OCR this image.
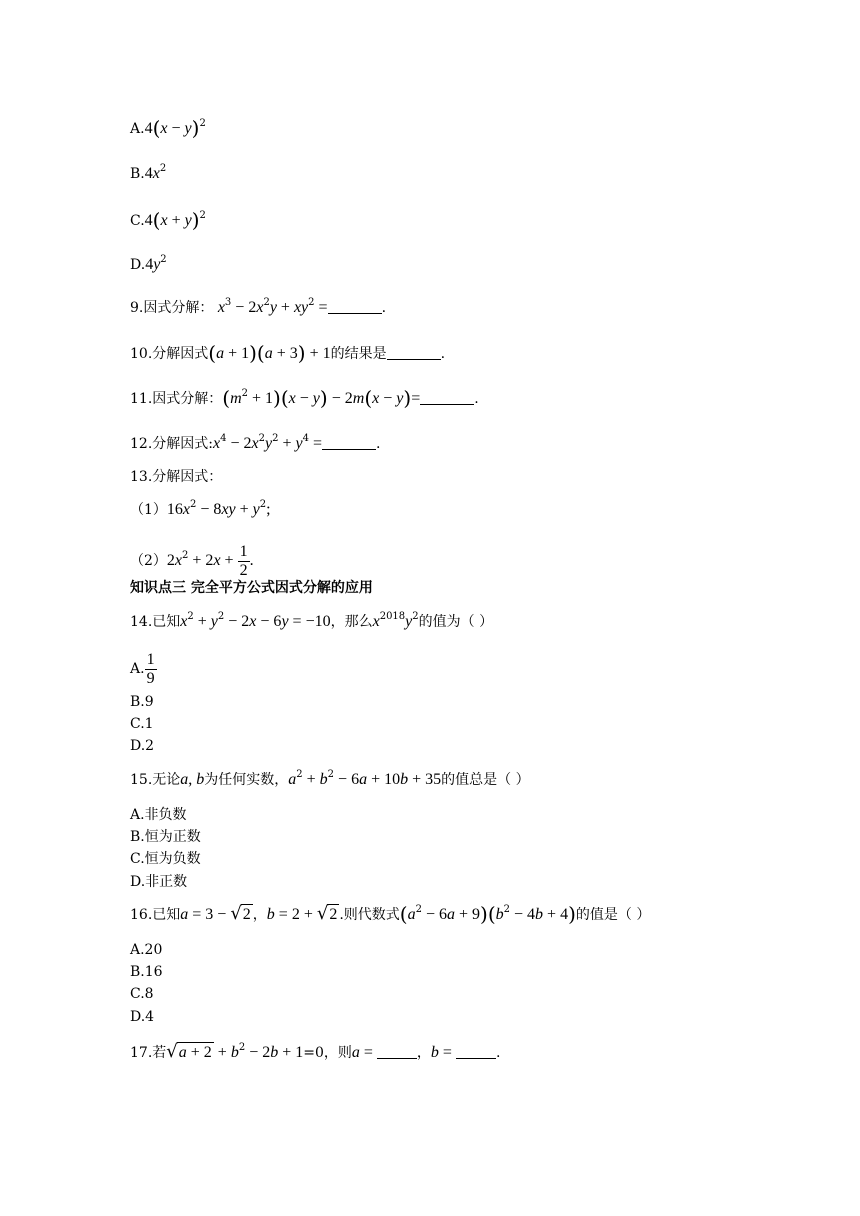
$A.4(x - y)^2$
$B.4x^2$
$C.4(x + y)^2$
$D.4y^2$
9.因式分解： $x^3 - 2x^2y + xy^2$ =	.
10.分解因式(a + 1)(a + 3) + 1的结果是	.
11.因式分解：$(m^2 + 1)(x - y) - 2m(x - y)=$	.
12.分解因式$:x^4 - 2x^2y^2 + y^4$ =	.
13.分解因式：
$(1)16x^2 - 8xy + y^2$;
$(2)2x^2 + 2x + \frac{1}{2}$ .
知识点三 完全平方公式因式分解的应用
14.已知$x^2 + y^2 - 2x - 6y = -10$，那么$x^{2018}y^2$的值为（ ）
A. $\frac{1}{9}$
B.9
C.1
D.2
15.无论a, b为任何实数，$a^2 + b^2 - 6a + 10b + 35$的值总是（ ）
A.非负数
B.恒为正数
C.恒为负数
D.非正数
16.已知a = 3 − √2 ，b = 2 + √2 .则代数式$(a^2 - 6a + 9)(b^2 - 4b + 4)$的值是（ ）
A.20
B.16
C.8
D.4
17.若$√a + 2 + b^2 - 2b + 1=0$，则a =	，b =	.
